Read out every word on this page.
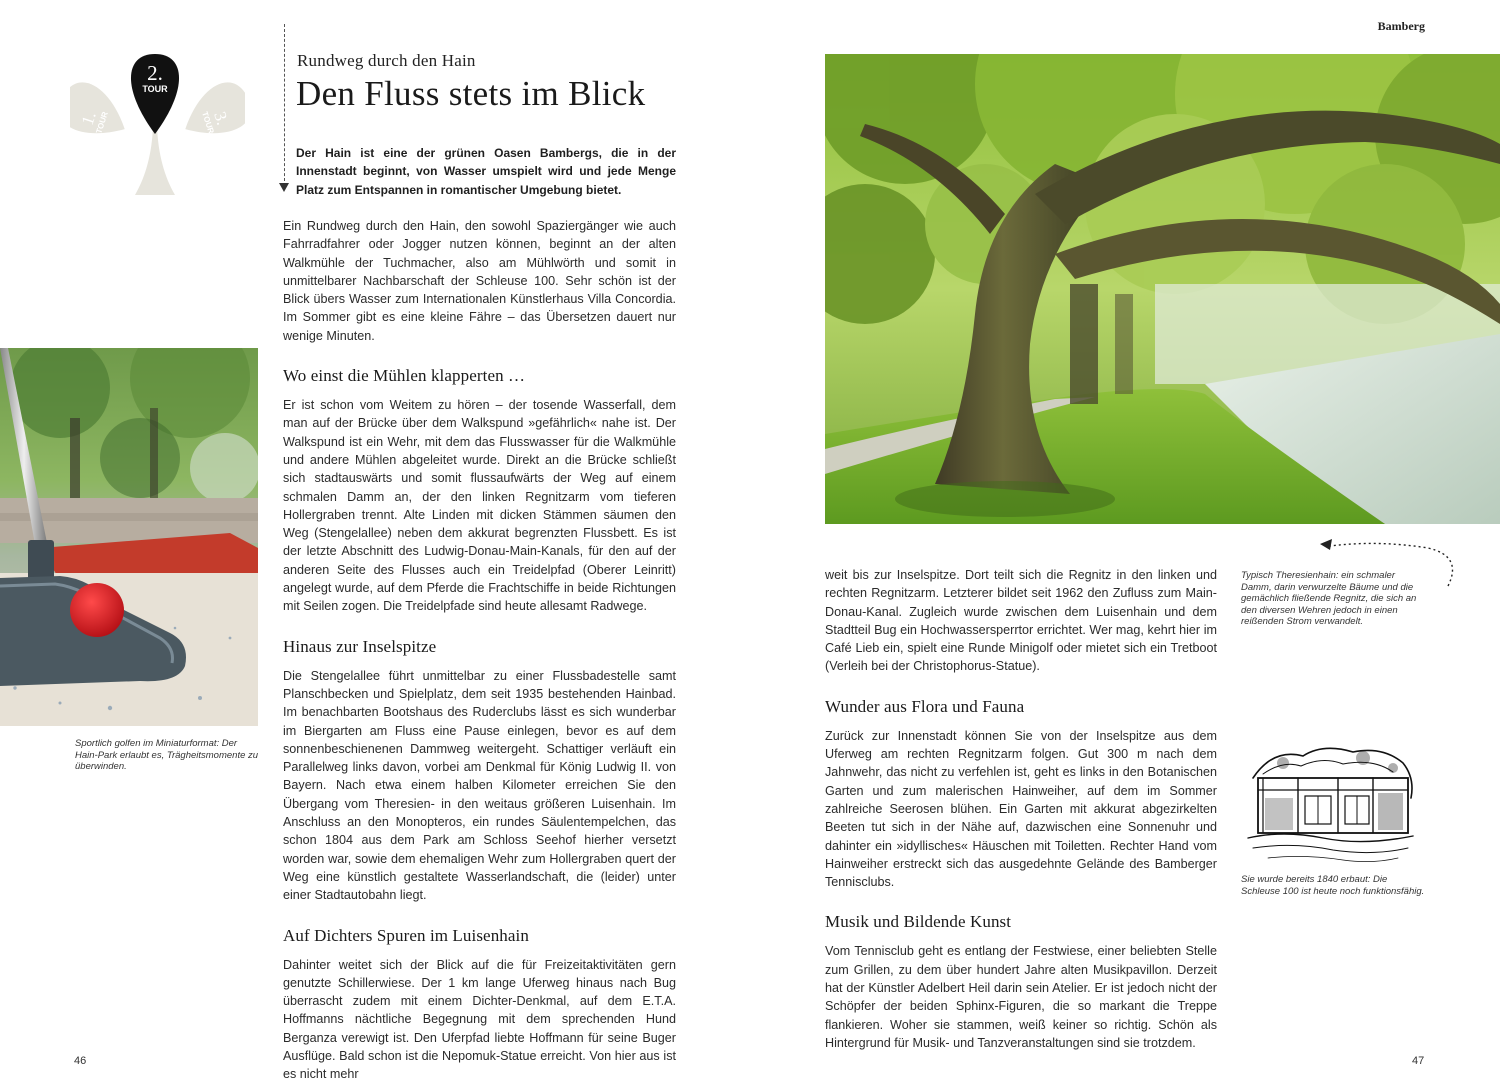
Bamberg
2.
TOUR
1.
TOUR	3.
TOUR
Rundweg durch den Hain
Den Fluss stets im Blick
Der Hain ist eine der grünen Oasen Bambergs, die in der Innenstadt beginnt, von Wasser umspielt wird und jede Menge Platz zum Entspannen in romantischer Umgebung bietet.

Ein Rundweg durch den Hain, den sowohl Spaziergänger wie auch Fahrradfahrer oder Jogger nutzen können, beginnt an der alten Walkmühle der Tuchmacher, also am Mühlwörth und somit in unmittelbarer Nachbarschaft der Schleuse 100. Sehr schön ist der Blick übers Wasser zum Internationalen Künstlerhaus Villa Concordia. Im Sommer gibt es eine kleine Fähre – das Übersetzen dauert nur wenige Minuten.

Wo einst die Mühlen klapperten …

Er ist schon vom Weitem zu hören – der tosende Wasserfall, dem man auf der Brücke über dem Walkspund »gefährlich« nahe ist. Der Walkspund ist ein Wehr, mit dem das Flusswasser für die Walkmühle und andere Mühlen abgeleitet wurde. Direkt an die Brücke schließt sich stadtauswärts und somit flussaufwärts der Weg auf einem schmalen Damm an, der den linken Regnitzarm vom tieferen Hollergraben trennt. Alte Linden mit dicken Stämmen säumen den Weg (Stengelallee) neben dem akkurat begrenzten Flussbett. Es ist der letzte Abschnitt des Ludwig-Donau-Main-Kanals, für den auf der anderen Seite des Flusses auch ein Treidelpfad (Oberer Leinritt) angelegt wurde, auf dem Pferde die Frachtschiffe in beide Richtungen mit Seilen zogen. Die Treidelpfade sind heute allesamt Radwege.

Hinaus zur Inselspitze

Die Stengelallee führt unmittelbar zu einer Flussbadestelle samt Planschbecken und Spielplatz, dem seit 1935 bestehenden Hainbad. Im benachbarten Bootshaus des Ruderclubs lässt es sich wunderbar im Biergarten am Fluss eine Pause einlegen, bevor es auf dem sonnenbeschienenen Dammweg weitergeht. Schattiger verläuft ein Parallelweg links davon, vorbei am Denkmal für König Ludwig II. von Bayern. Nach etwa einem halben Kilometer erreichen Sie den Übergang vom Theresien- in den weitaus größeren Luisenhain. Im Anschluss an den Monopteros, ein rundes Säulentempelchen, das schon 1804 aus dem Park am Schloss Seehof hierher versetzt worden war, sowie dem ehemaligen Wehr zum Hollergraben quert der Weg eine künstlich gestaltete Wasserlandschaft, die (leider) unter einer Stadtautobahn liegt.

Auf Dichters Spuren im Luisenhain

Dahinter weitet sich der Blick auf die für Freizeitaktivitäten gern genutzte Schillerwiese. Der 1 km lange Uferweg hinaus nach Bug überrascht zudem mit einem Dichter-Denkmal, auf dem E.T.A. Hoffmanns nächtliche Begegnung mit dem sprechenden Hund Berganza verewigt ist. Den Uferpfad liebte Hoffmann für seine Buger Ausflüge. Bald schon ist die Nepomuk-Statue erreicht. Von hier aus ist es nicht mehr

weit bis zur Inselspitze. Dort teilt sich die Regnitz in den linken und rechten Regnitzarm. Letzterer bildet seit 1962 den Zufluss zum Main-Donau-Kanal. Zugleich wurde zwischen dem Luisenhain und dem Stadtteil Bug ein Hochwassersperrtor errichtet. Wer mag, kehrt hier im Café Lieb ein, spielt eine Runde Minigolf oder mietet sich ein Tretboot (Verleih bei der Christophorus-Statue).

Wunder aus Flora und Fauna

Zurück zur Innenstadt können Sie von der Inselspitze aus dem Uferweg am rechten Regnitzarm folgen. Gut 300 m nach dem Jahnwehr, das nicht zu verfehlen ist, geht es links in den Botanischen Garten und zum malerischen Hainweiher, auf dem im Sommer zahlreiche Seerosen blühen. Ein Garten mit akkurat abgezirkelten Beeten tut sich in der Nähe auf, dazwischen eine Sonnenuhr und dahinter ein »idyllisches« Häuschen mit Toiletten. Rechter Hand vom Hainweiher erstreckt sich das ausgedehnte Gelände des Bamberger Tennisclubs.

Musik und Bildende Kunst

Vom Tennisclub geht es entlang der Festwiese, einer beliebten Stelle zum Grillen, zu dem über hundert Jahre alten Musikpavillon. Derzeit hat der Künstler Adelbert Heil darin sein Atelier. Er ist jedoch nicht der Schöpfer der beiden Sphinx-Figuren, die so markant die Treppe flankieren. Woher sie stammen, weiß keiner so richtig. Schön als Hintergrund für Musik- und Tanzveranstaltungen sind sie trotzdem.

Sportlich golfen im Miniaturformat: Der Hain-Park erlaubt es, Trägheitsmomente zu überwinden.
Typisch Theresienhain: ein schmaler Damm, darin verwurzelte Bäume und die gemächlich fließende Regnitz, die sich an den diversen Wehren jedoch in einen reißenden Strom verwandelt.
Sie wurde bereits 1840 erbaut: Die Schleuse 100 ist heute noch funktionsfähig.
46	47
